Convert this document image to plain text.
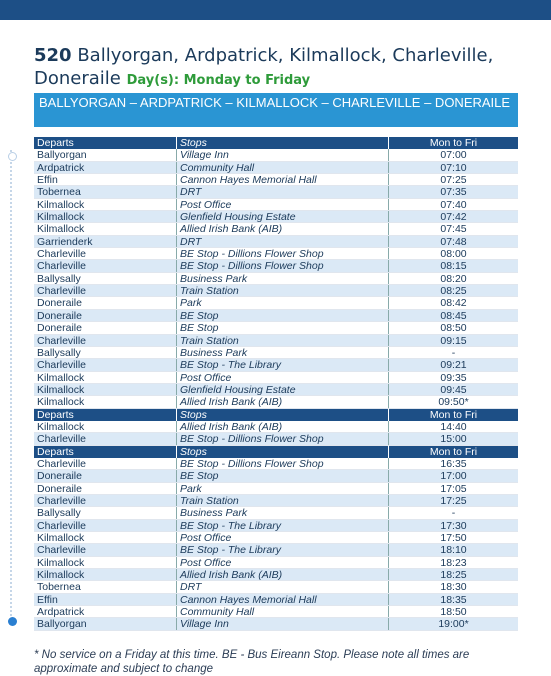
520 Ballyorgan, Ardpatrick, Kilmallock, Charleville,
Doneraile Day(s): Monday to Friday
BALLYORGAN – ARDPATRICK – KILMALLOCK – CHARLEVILLE – DONERAILE
Departs	Stops	Mon to Fri
Ballyorgan	Village Inn	07:00
Ardpatrick	Community Hall	07:10
Effin	Cannon Hayes Memorial Hall	07:25
Tobernea	DRT	07:35
Kilmallock	Post Office	07:40
Kilmallock	Glenfield Housing Estate	07:42
Kilmallock	Allied Irish Bank (AIB)	07:45
Garrienderk	DRT	07:48
Charleville	BE Stop - Dillions Flower Shop	08:00
Charleville	BE Stop - Dillions Flower Shop	08:15
Ballysally	Business Park	08:20
Charleville	Train Station	08:25
Doneraile	Park	08:42
Doneraile	BE Stop	08:45
Doneraile	BE Stop	08:50
Charleville	Train Station	09:15
Ballysally	Business Park	-
Charleville	BE Stop - The Library	09:21
Kilmallock	Post Office	09:35
Kilmallock	Glenfield Housing Estate	09:45
Kilmallock	Allied Irish Bank (AIB)	09:50*
Departs	Stops	Mon to Fri
Kilmallock	Allied Irish Bank (AIB)	14:40
Charleville	BE Stop - Dillions Flower Shop	15:00
Departs	Stops	Mon to Fri
Charleville	BE Stop - Dillions Flower Shop	16:35
Doneraile	BE Stop	17:00
Doneraile	Park	17:05
Charleville	Train Station	17:25
Ballysally	Business Park	-
Charleville	BE Stop - The Library	17:30
Kilmallock	Post Office	17:50
Charleville	BE Stop - The Library	18:10
Kilmallock	Post Office	18:23
Kilmallock	Allied Irish Bank (AIB)	18:25
Tobernea	DRT	18:30
Effin	Cannon Hayes Memorial Hall	18:35
Ardpatrick	Community Hall	18:50
Ballyorgan	Village Inn	19:00*
* No service on a Friday at this time. BE - Bus Eireann Stop. Please note all times are approximate and subject to change
